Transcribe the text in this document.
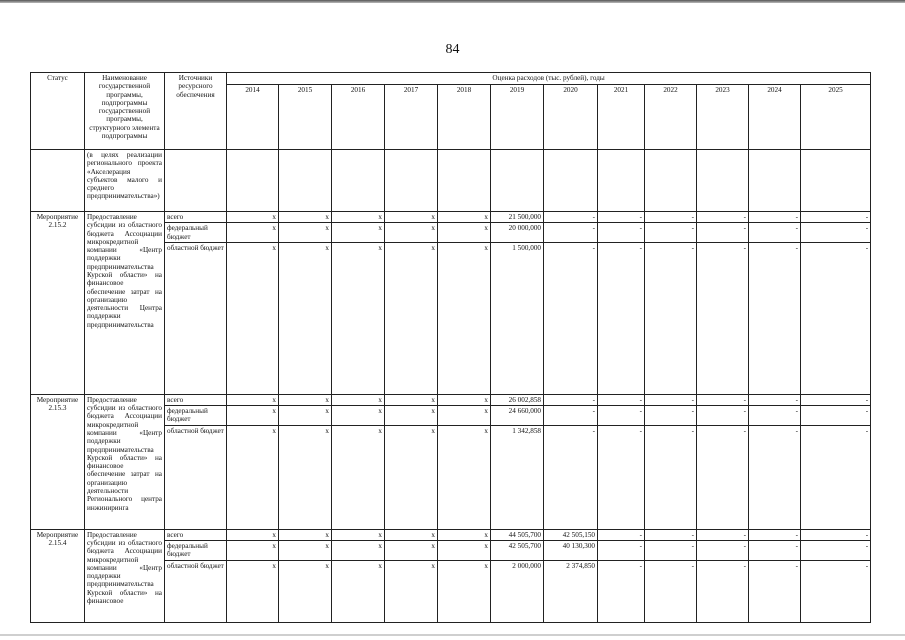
84
Статус	Наименование государственной программы, подпрограммы государственной программы, структурного элемента подпрограммы	Источники ресурсного обеспечения	Оценка расходов (тыс. рублей), годы											
			2014	2015	2016	2017	2018	2019	2020	2021	2022	2023	2024	2025
	(в целях реализации регионального проекта «Акселерация субъектов малого и среднего предпринимательства»)													
Мероприятие 2.15.2	Предоставление субсидии из областного бюджета Ассоциации микрокредитной компании «Центр поддержки предпринимательства Курской области» на финансовое обеспечение затрат на организацию деятельности Центра поддержки предпринимательства	всего	x	x	x	x	x	21 500,000	-	-	-	-	-	-
		федеральный бюджет	x	x	x	x	x	20 000,000	-	-	-	-	-	-
		областной бюджет	x	x	x	x	x	1 500,000	-	-	-	-	-	-
Мероприятие 2.15.3	Предоставление субсидии из областного бюджета Ассоциации микрокредитной компании «Центр поддержки предпринимательства Курской области» на финансовое обеспечение затрат на организацию деятельности Регионального центра инжиниринга	всего	x	x	x	x	x	26 002,858	-	-	-	-	-	-
		федеральный бюджет	x	x	x	x	x	24 660,000	-	-	-	-	-	-
		областной бюджет	x	x	x	x	x	1 342,858	-	-	-	-	-	-
Мероприятие 2.15.4	Предоставление субсидии из областного бюджета Ассоциации микрокредитной компании «Центр поддержки предпринимательства Курской области» на финансовое	всего	x	x	x	x	x	44 505,700	42 505,150	-	-	-	-	-
		федеральный бюджет	x	x	x	x	x	42 505,700	40 130,300	-	-	-	-	-
		областной бюджет	x	x	x	x	x	2 000,000	2 374,850	-	-	-	-	-
